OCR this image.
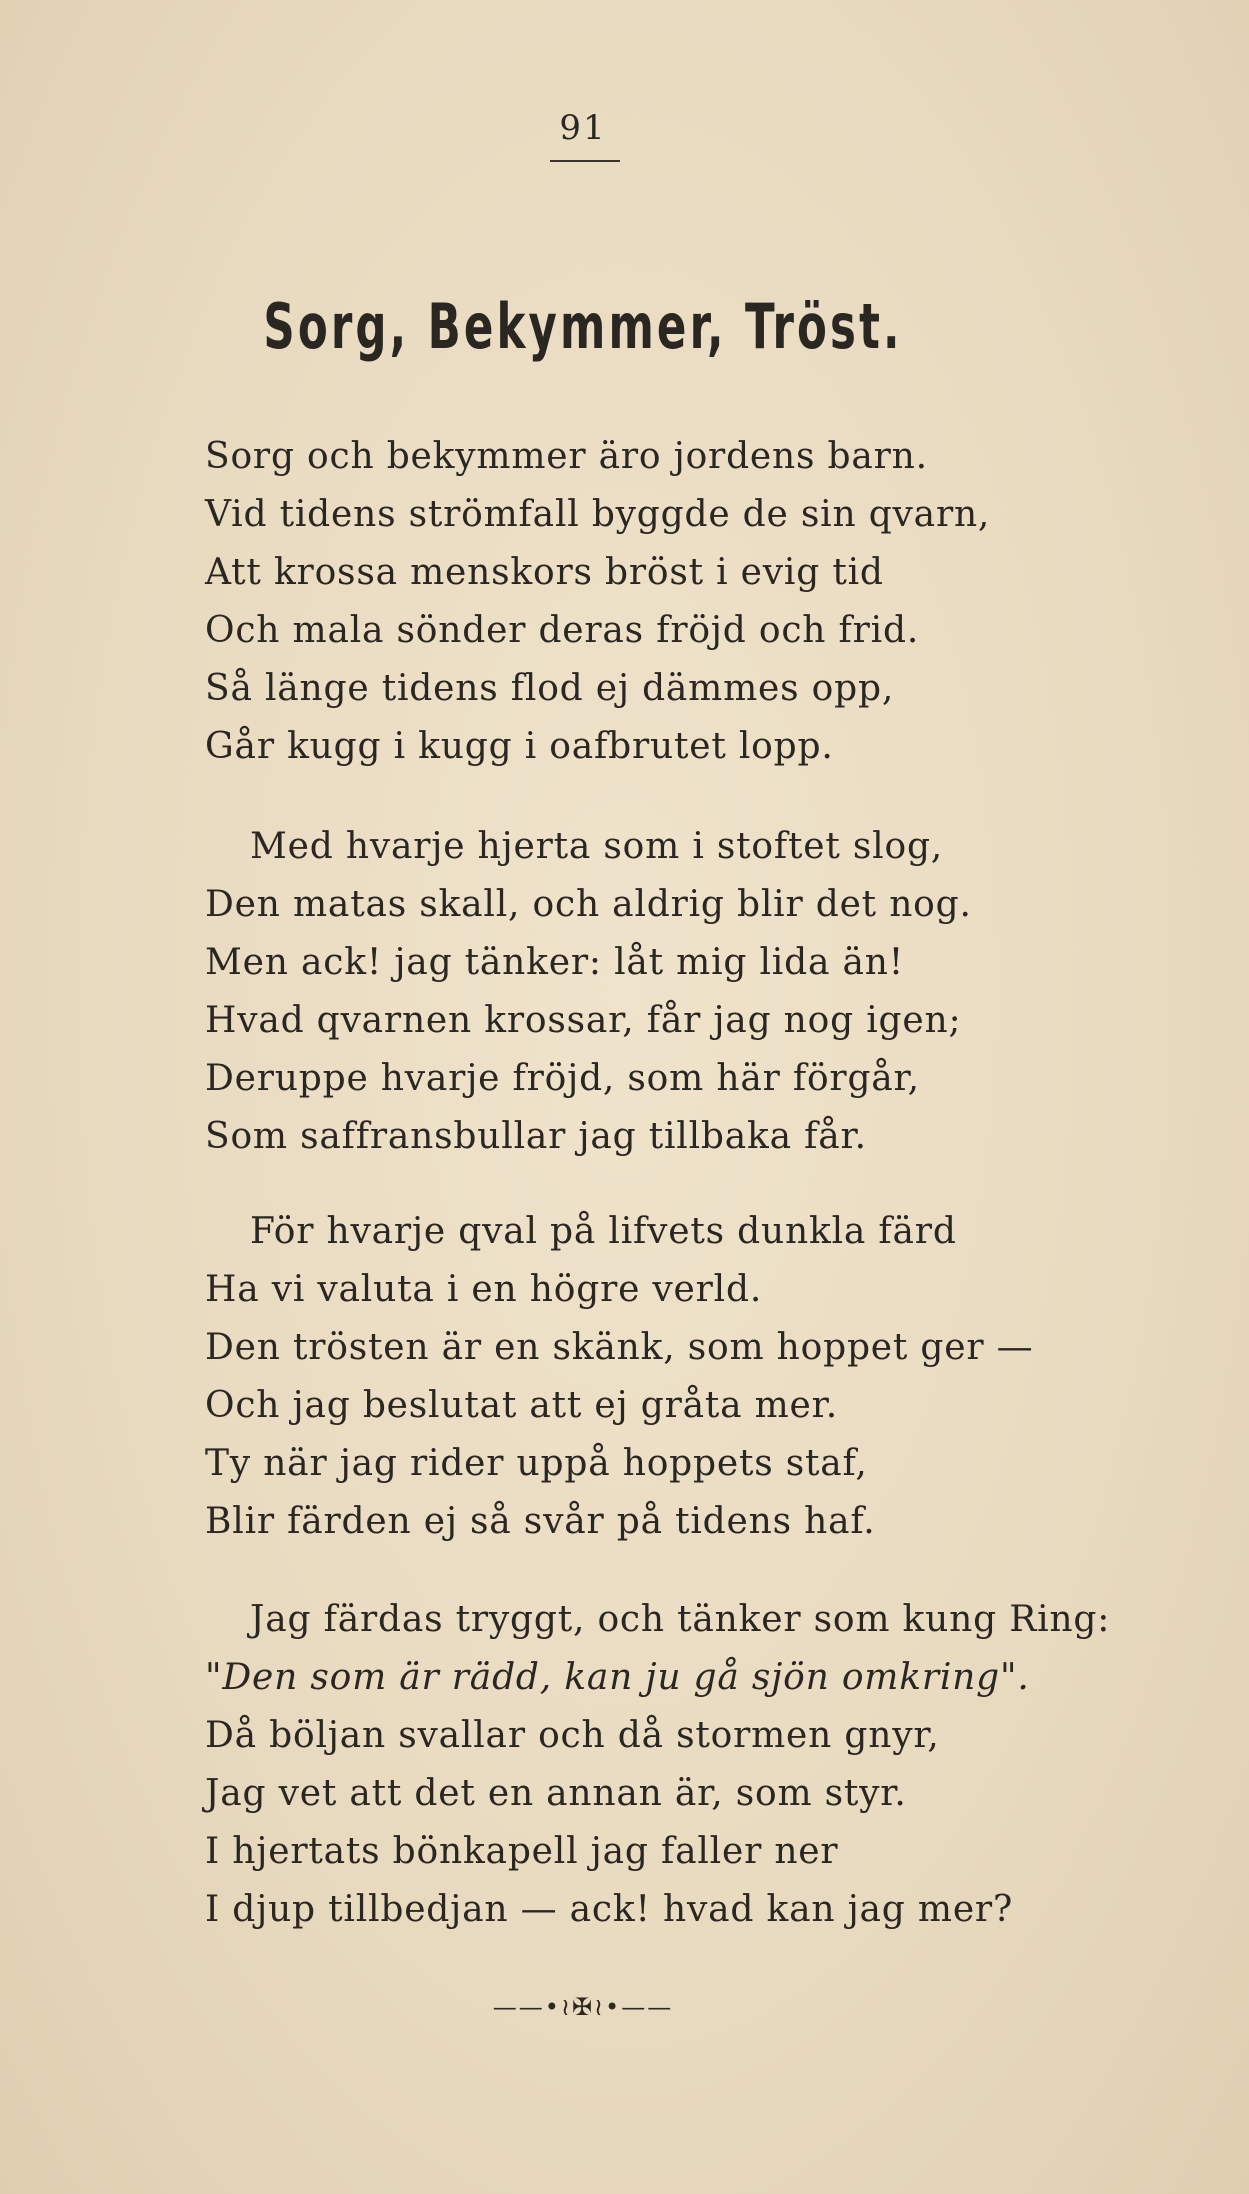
91
Sorg, Bekymmer, Tröst.
Sorg och bekymmer äro jordens barn.
Vid tidens strömfall byggde de sin qvarn,
Att krossa menskors bröst i evig tid
Och mala sönder deras fröjd och frid.
Så länge tidens flod ej dämmes opp,
Går kugg i kugg i oafbrutet lopp.
Med hvarje hjerta som i stoftet slog,
Den matas skall, och aldrig blir det nog.
Men ack! jag tänker: låt mig lida än!
Hvad qvarnen krossar, får jag nog igen;
Deruppe hvarje fröjd, som här förgår,
Som saffransbullar jag tillbaka får.
För hvarje qval på lifvets dunkla färd
Ha vi valuta i en högre verld.
Den trösten är en skänk, som hoppet ger —
Och jag beslutat att ej gråta mer.
Ty när jag rider uppå hoppets staf,
Blir färden ej så svår på tidens haf.
Jag färdas tryggt, och tänker som kung Ring:
"Den som är rädd, kan ju gå sjön omkring".
Då böljan svallar och då stormen gnyr,
Jag vet att det en annan är, som styr.
I hjertats bönkapell jag faller ner
I djup tillbedjan — ack! hvad kan jag mer?
——•≀✠≀•——
